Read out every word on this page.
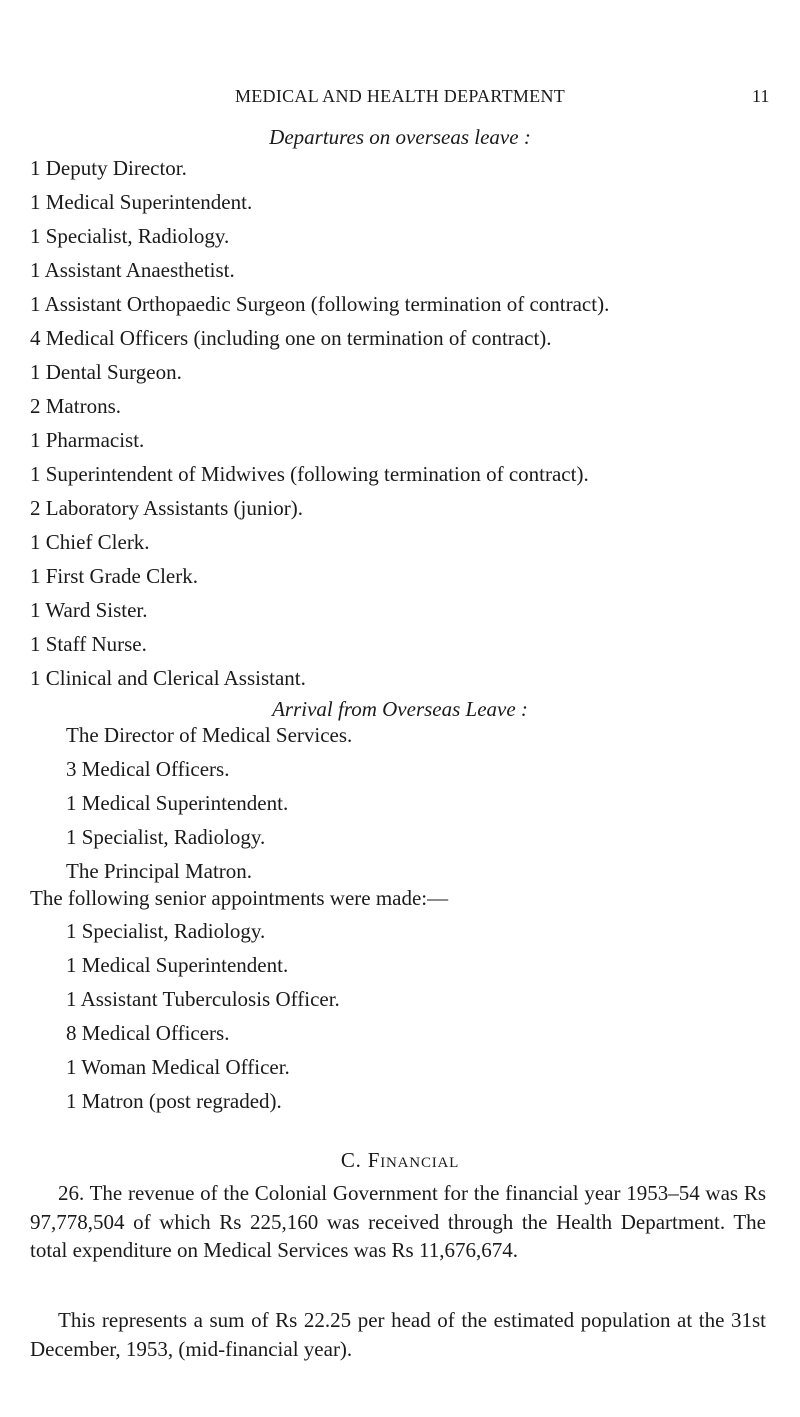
MEDICAL AND HEALTH DEPARTMENT	11
Departures on overseas leave :
1 Deputy Director.
1 Medical Superintendent.
1 Specialist, Radiology.
1 Assistant Anaesthetist.
1 Assistant Orthopaedic Surgeon (following termination of contract).
4 Medical Officers (including one on termination of contract).
1 Dental Surgeon.
2 Matrons.
1 Pharmacist.
1 Superintendent of Midwives (following termination of contract).
2 Laboratory Assistants (junior).
1 Chief Clerk.
1 First Grade Clerk.
1 Ward Sister.
1 Staff Nurse.
1 Clinical and Clerical Assistant.
Arrival from Overseas Leave :
The Director of Medical Services.
3 Medical Officers.
1 Medical Superintendent.
1 Specialist, Radiology.
The Principal Matron.
The following senior appointments were made:—
1 Specialist, Radiology.
1 Medical Superintendent.
1 Assistant Tuberculosis Officer.
8 Medical Officers.
1 Woman Medical Officer.
1 Matron (post regraded).
C. Financial
26. The revenue of the Colonial Government for the financial year 1953–54 was Rs 97,778,504 of which Rs 225,160 was received through the Health Department. The total expenditure on Medical Services was Rs 11,676,674.
This represents a sum of Rs 22.25 per head of the estimated population at the 31st December, 1953, (mid-financial year).
